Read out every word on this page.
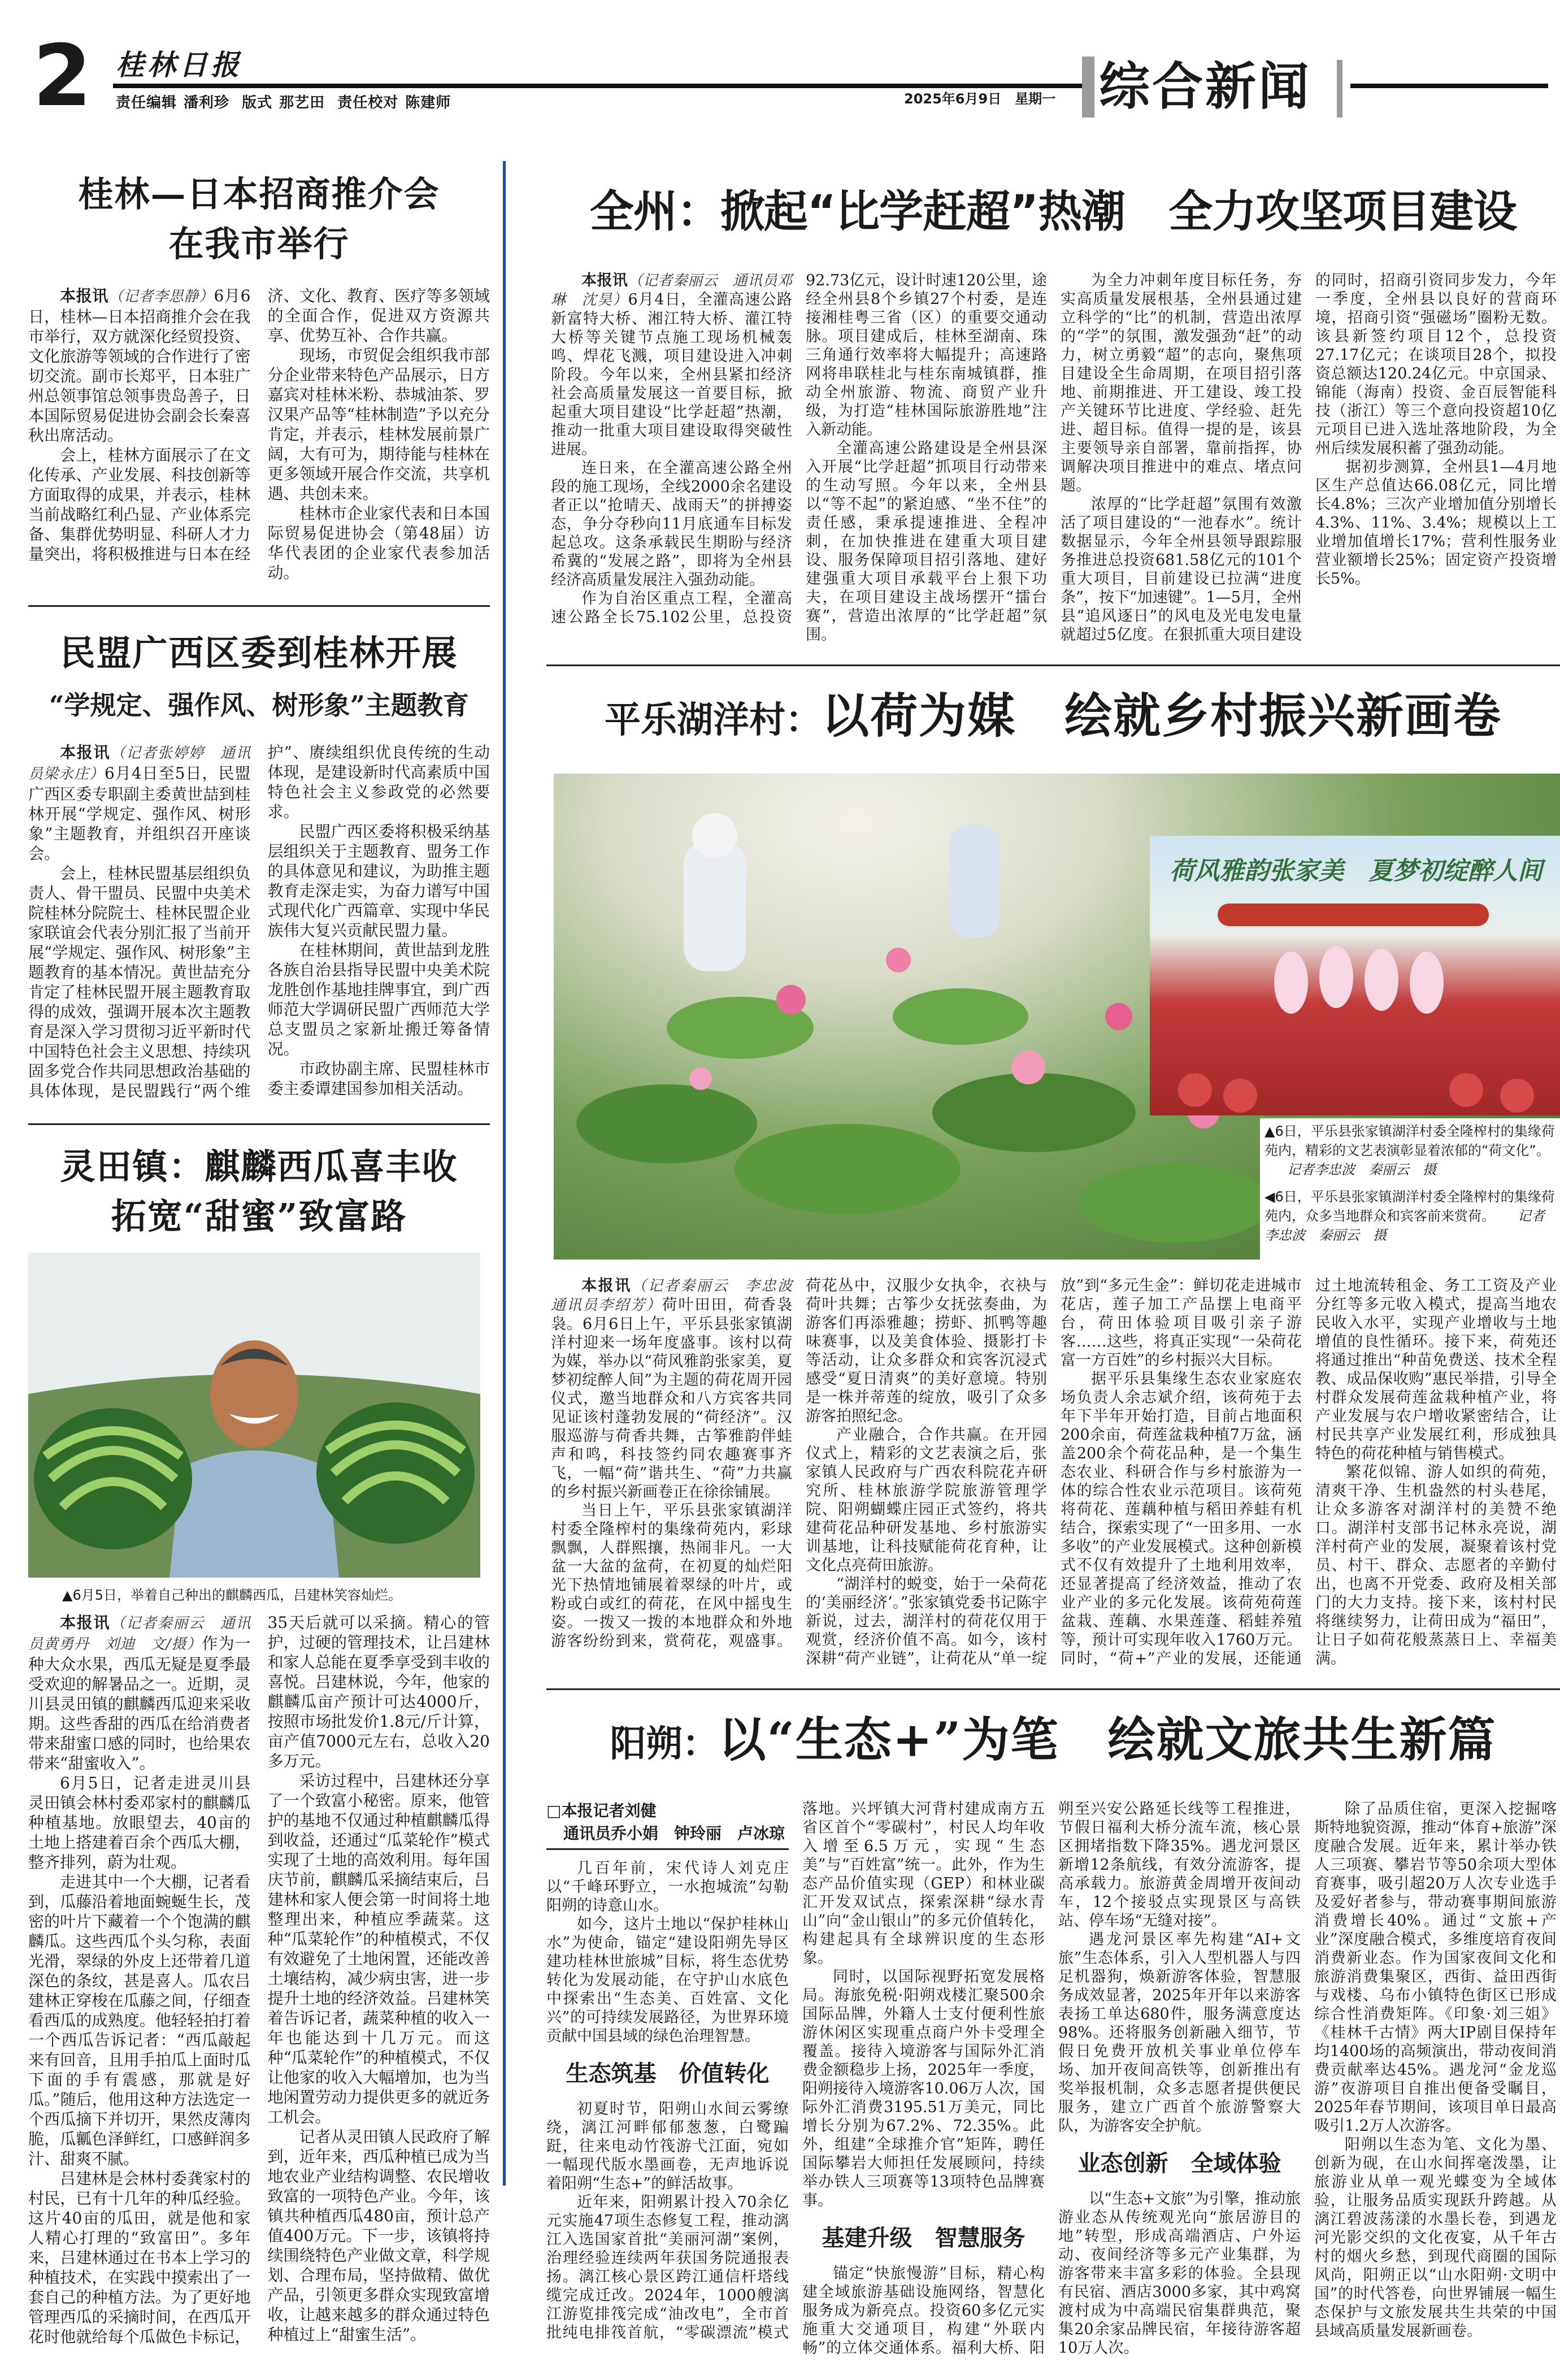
2 桂林日报
责任编辑 潘利珍 版式 那艺田 责任校对 陈建师	2025年6月9日　星期一 综合新闻
桂林—日本招商推介会
在我市举行

本报讯（记者李思静）6月6日，桂林—日本招商推介会在我市举行，双方就深化经贸投资、文化旅游等领域的合作进行了密切交流。副市长郑平，日本驻广州总领事馆总领事贵岛善子，日本国际贸易促进协会副会长秦喜秋出席活动。

会上，桂林方面展示了在文化传承、产业发展、科技创新等方面取得的成果，并表示，桂林当前战略红利凸显、产业体系完备、集群优势明显、科研人才力量突出，将积极推进与日本在经济、文化、教育、医疗等多领域的全面合作，促进双方资源共享、优势互补、合作共赢。

现场，市贸促会组织我市部分企业带来特色产品展示，日方嘉宾对桂林米粉、恭城油茶、罗汉果产品等“桂林制造”予以充分肯定，并表示，桂林发展前景广阔，大有可为，期待能与桂林在更多领域开展合作交流，共享机遇、共创未来。

桂林市企业家代表和日本国际贸易促进协会（第48届）访华代表团的企业家代表参加活动。

民盟广西区委到桂林开展
“学规定、强作风、树形象”主题教育

本报讯（记者张婷婷　通讯员梁永庄）6月4日至5日，民盟广西区委专职副主委黄世喆到桂林开展“学规定、强作风、树形象”主题教育，并组织召开座谈会。

会上，桂林民盟基层组织负责人、骨干盟员、民盟中央美术院桂林分院院士、桂林民盟企业家联谊会代表分别汇报了当前开展“学规定、强作风、树形象”主题教育的基本情况。黄世喆充分肯定了桂林民盟开展主题教育取得的成效，强调开展本次主题教育是深入学习贯彻习近平新时代中国特色社会主义思想、持续巩固多党合作共同思想政治基础的具体体现，是民盟践行“两个维护”、赓续组织优良传统的生动体现，是建设新时代高素质中国特色社会主义参政党的必然要求。

民盟广西区委将积极采纳基层组织关于主题教育、盟务工作的具体意见和建议，为助推主题教育走深走实，为奋力谱写中国式现代化广西篇章、实现中华民族伟大复兴贡献民盟力量。

在桂林期间，黄世喆到龙胜各族自治县指导民盟中央美术院龙胜创作基地挂牌事宜，到广西师范大学调研民盟广西师范大学总支盟员之家新址搬迁筹备情况。

市政协副主席、民盟桂林市委主委谭建国参加相关活动。

灵田镇：麒麟西瓜喜丰收
拓宽“甜蜜”致富路
▲6月5日，举着自己种出的麒麟西瓜，吕建林笑容灿烂。

本报讯（记者秦丽云　通讯员黄勇丹　刘迪　文/摄）作为一种大众水果，西瓜无疑是夏季最受欢迎的解暑品之一。近期，灵川县灵田镇的麒麟西瓜迎来采收期。这些香甜的西瓜在给消费者带来甜蜜口感的同时，也给果农带来“甜蜜收入”。

6月5日，记者走进灵川县灵田镇会林村委邓家村的麒麟瓜种植基地。放眼望去，40亩的土地上搭建着百余个西瓜大棚，整齐排列，蔚为壮观。

走进其中一个大棚，记者看到，瓜藤沿着地面蜿蜒生长，茂密的叶片下藏着一个个饱满的麒麟瓜。这些西瓜个头匀称，表面光滑，翠绿的外皮上还带着几道深色的条纹，甚是喜人。瓜农吕建林正穿梭在瓜藤之间，仔细查看西瓜的成熟度。他轻轻拍打着一个西瓜告诉记者：“西瓜敲起来有回音，且用手拍瓜上面时瓜下面的手有震感，那就是好瓜。”随后，他用这种方法选定一个西瓜摘下并切开，果然皮薄肉脆，瓜瓤色泽鲜红，口感鲜润多汁、甜爽不腻。

吕建林是会林村委龚家村的村民，已有十几年的种瓜经验。这片40亩的瓜田，就是他和家人精心打理的“致富田”。多年来，吕建林通过在书本上学习的种植技术，在实践中摸索出了一套自己的种植方法。为了更好地管理西瓜的采摘时间，在西瓜开花时他就给每个瓜做色卡标记，35天后就可以采摘。精心的管护，过硬的管理技术，让吕建林和家人总能在夏季享受到丰收的喜悦。吕建林说，今年，他家的麒麟瓜亩产预计可达4000斤，按照市场批发价1.8元/斤计算，亩产值7000元左右，总收入20多万元。

采访过程中，吕建林还分享了一个致富小秘密。原来，他管护的基地不仅通过种植麒麟瓜得到收益，还通过“瓜菜轮作”模式实现了土地的高效利用。每年国庆节前，麒麟瓜采摘结束后，吕建林和家人便会第一时间将土地整理出来，种植应季蔬菜。这种“瓜菜轮作”的种植模式，不仅有效避免了土地闲置，还能改善土壤结构，减少病虫害，进一步提升土地的经济效益。吕建林笑着告诉记者，蔬菜种植的收入一年也能达到十几万元。而这种“瓜菜轮作”的种植模式，不仅让他家的收入大幅增加，也为当地闲置劳动力提供更多的就近务工机会。

记者从灵田镇人民政府了解到，近年来，西瓜种植已成为当地农业产业结构调整、农民增收致富的一项特色产业。今年，该镇共种植西瓜480亩，预计总产值400万元。下一步，该镇将持续围绕特色产业做文章，科学规划、合理布局，坚持做精、做优产品，引领更多群众实现致富增收，让越来越多的群众通过特色种植过上“甜蜜生活”。

全州：掀起“比学赶超”热潮　全力攻坚项目建设

本报讯（记者秦丽云　通讯员邓琳　沈昊）6月4日，全灌高速公路新富特大桥、湘江特大桥、灌江特大桥等关键节点施工现场机械轰鸣、焊花飞溅，项目建设进入冲刺阶段。今年以来，全州县紧扣经济社会高质量发展这一首要目标，掀起重大项目建设“比学赶超”热潮，推动一批重大项目建设取得突破性进展。

连日来，在全灌高速公路全州段的施工现场，全线2000余名建设者正以“抢晴天、战雨天”的拼搏姿态，争分夺秒向11月底通车目标发起总攻。这条承载民生期盼与经济希冀的“发展之路”，即将为全州县经济高质量发展注入强劲动能。

作为自治区重点工程，全灌高速公路全长75.102公里，总投资92.73亿元，设计时速120公里，途经全州县8个乡镇27个村委，是连接湘桂粤三省（区）的重要交通动脉。项目建成后，桂林至湖南、珠三角通行效率将大幅提升；高速路网将串联桂北与桂东南城镇群，推动全州旅游、物流、商贸产业升级，为打造“桂林国际旅游胜地”注入新动能。

全灌高速公路建设是全州县深入开展“比学赶超”抓项目行动带来的生动写照。今年以来，全州县以“等不起”的紧迫感、“坐不住”的责任感，秉承提速推进、全程冲刺，在加快推进在建重大项目建设、服务保障项目招引落地、建好建强重大项目承载平台上狠下功夫，在项目建设主战场摆开“擂台赛”，营造出浓厚的“比学赶超”氛围。

为全力冲刺年度目标任务，夯实高质量发展根基，全州县通过建立科学的“比”的机制，营造出浓厚的“学”的氛围，激发强劲“赶”的动力，树立勇毅“超”的志向，聚焦项目建设全生命周期，在项目招引落地、前期推进、开工建设、竣工投产关键环节比进度、学经验、赶先进、超目标。值得一提的是，该县主要领导亲自部署，靠前指挥，协调解决项目推进中的难点、堵点问题。

浓厚的“比学赶超”氛围有效激活了项目建设的“一池春水”。统计数据显示，今年全州县领导跟踪服务推进总投资681.58亿元的101个重大项目，目前建设已拉满“进度条”，按下“加速键”。1—5月，全州县“追风逐日”的风电及光电发电量就超过5亿度。在狠抓重大项目建设的同时，招商引资同步发力，今年一季度，全州县以良好的营商环境，招商引资“强磁场”圈粉无数。该县新签约项目12个，总投资27.17亿元；在谈项目28个，拟投资总额达120.24亿元。中京国录、锦能（海南）投资、金百辰智能科技（浙江）等三个意向投资超10亿元项目已进入选址落地阶段，为全州后续发展积蓄了强劲动能。

据初步测算，全州县1—4月地区生产总值达66.08亿元，同比增长4.8%；三次产业增加值分别增长4.3%、11%、3.4%；规模以上工业增加值增长17%；营利性服务业营业额增长25%；固定资产投资增长5%。

平乐湖洋村：以荷为媒　绘就乡村振兴新画卷
荷风雅韵张家美　夏梦初绽醉人间
▲6日，平乐县张家镇湖洋村委全隆榨村的集缘荷苑内，精彩的文艺表演彰显着浓郁的“荷文化”。记者李忠波　秦丽云　摄
◀6日，平乐县张家镇湖洋村委全隆榨村的集缘荷苑内，众多当地群众和宾客前来赏荷。 记者李忠波　秦丽云　摄

本报讯（记者秦丽云　李忠波　通讯员李绍芳）荷叶田田，荷香袅袅。6月6日上午，平乐县张家镇湖洋村迎来一场年度盛事。该村以荷为媒，举办以“荷风雅韵张家美，夏梦初绽醉人间”为主题的荷花周开园仪式，邀当地群众和八方宾客共同见证该村蓬勃发展的“荷经济”。汉服巡游与荷香共舞，古筝雅韵伴蛙声和鸣，科技签约同农趣赛事齐飞，一幅“荷”谐共生、“荷”力共赢的乡村振兴新画卷正在徐徐铺展。

当日上午，平乐县张家镇湖洋村委全隆榨村的集缘荷苑内，彩球飘飘，人群熙攘，热闹非凡。一大盆一大盆的盆荷，在初夏的灿烂阳光下热情地铺展着翠绿的叶片，或粉或白或红的荷花，在风中摇曳生姿。一拨又一拨的本地群众和外地游客纷纷到来，赏荷花，观盛事。荷花丛中，汉服少女执伞，衣袂与荷叶共舞；古筝少女抚弦奏曲，为游客们再添雅趣；捞虾、抓鸭等趣味赛事，以及美食体验、摄影打卡等活动，让众多群众和宾客沉浸式感受“夏日清爽”的美好意境。特别是一株并蒂莲的绽放，吸引了众多游客拍照纪念。

产业融合，合作共赢。在开园仪式上，精彩的文艺表演之后，张家镇人民政府与广西农科院花卉研究所、桂林旅游学院旅游管理学院、阳朔蝴蝶庄园正式签约，将共建荷花品种研发基地、乡村旅游实训基地，让科技赋能荷花育种，让文化点亮荷田旅游。

“湖洋村的蜕变，始于一朵荷花的‘美丽经济’。”张家镇党委书记陈宇新说，过去，湖洋村的荷花仅用于观赏，经济价值不高。如今，该村深耕“荷产业链”，让荷花从“单一绽放”到“多元生金”：鲜切花走进城市花店，莲子加工产品摆上电商平台，荷田体验项目吸引亲子游客……这些，将真正实现“一朵荷花富一方百姓”的乡村振兴大目标。

据平乐县集缘生态农业家庭农场负责人余志斌介绍，该荷苑于去年下半年开始打造，目前占地面积200余亩，荷莲盆栽种植7万盆，涵盖200余个荷花品种，是一个集生态农业、科研合作与乡村旅游为一体的综合性农业示范项目。该荷苑将荷花、莲藕种植与稻田养蛙有机结合，探索实现了“一田多用、一水多收”的产业发展模式。这种创新模式不仅有效提升了土地利用效率，还显著提高了经济效益，推动了农业产业的多元化发展。该荷苑荷莲盆栽、莲藕、水果莲蓬、稻蛙养殖等，预计可实现年收入1760万元。同时，“荷+”产业的发展，还能通过土地流转租金、务工工资及产业分红等多元收入模式，提高当地农民收入水平，实现产业增收与土地增值的良性循环。接下来，荷苑还将通过推出“种苗免费送、技术全程教、成品保收购”惠民举措，引导全村群众发展荷莲盆栽种植产业，将产业发展与农户增收紧密结合，让村民共享产业发展红利，形成独具特色的荷花种植与销售模式。

繁花似锦、游人如织的荷苑，清爽干净、生机盎然的村头巷尾，让众多游客对湖洋村的美赞不绝口。湖洋村支部书记林永亮说，湖洋村荷产业的发展，凝聚着该村党员、村干、群众、志愿者的辛勤付出，也离不开党委、政府及相关部门的大力支持。接下来，该村村民将继续努力，让荷田成为“福田”，让日子如荷花般蒸蒸日上、幸福美满。

阳朔：以“生态+”为笔　绘就文旅共生新篇

□本报记者刘健

通讯员乔小娟　钟玲丽　卢冰琼

几百年前，宋代诗人刘克庄以“千峰环野立，一水抱城流”勾勒阳朔的诗意山水。

如今，这片土地以“保护桂林山水”为使命，锚定“建设阳朔先导区　建功桂林世旅城”目标，将生态优势转化为发展动能，在守护山水底色中探索出“生态美、百姓富、文化兴”的可持续发展路径，为世界环境贡献中国县域的绿色治理智慧。

生态筑基　价值转化

初夏时节，阳朔山水间云雾缭绕，漓江河畔郁郁葱葱，白鹭蹁跹，往来电动竹筏游弋江面，宛如一幅现代版水墨画卷，无声地诉说着阳朔“生态+”的鲜活故事。

近年来，阳朔累计投入70余亿元实施47项生态修复工程，推动漓江入选国家首批“美丽河湖”案例，治理经验连续两年获国务院通报表扬。漓江核心景区跨江通信杆塔线缆完成迁改。2024年，1000艘漓江游览排筏完成“油改电”，全市首批纯电排筏首航，“零碳漂流”模式落地。兴坪镇大河背村建成南方五省区首个“零碳村”，村民人均年收入增至6.5万元，实现“生态美”与“百姓富”统一。此外，作为生态产品价值实现（GEP）和林业碳汇开发双试点，探索深耕“绿水青山”向“金山银山”的多元价值转化，构建起具有全球辨识度的生态形象。

同时，以国际视野拓宽发展格局。海旅免税·阳朔戏楼汇聚500余国际品牌，外籍人士支付便利性旅游休闲区实现重点商户外卡受理全覆盖。接待入境游客与国际外汇消费金额稳步上扬，2025年一季度，阳朔接待入境游客10.06万人次，国际外汇消费3195.51万美元，同比增长分别为67.2%、72.35%。此外，组建“全球推介官”矩阵，聘任国际攀岩大师担任发展顾问，持续举办铁人三项赛等13项特色品牌赛事。

基建升级　智慧服务

锚定“快旅慢游”目标，精心构建全域旅游基础设施网络，智慧化服务成为新亮点。投资60多亿元实施重大交通项目，构建“外联内畅”的立体交通体系。福利大桥、阳朔至兴安公路延长线等工程推进，节假日福利大桥分流车流，核心景区拥堵指数下降35%。遇龙河景区新增12条航线，有效分流游客，提高承载力。旅游黄金周增开夜间动车，12个接驳点实现景区与高铁站、停车场“无缝对接”。

遇龙河景区率先构建“AI+文旅”生态体系，引入人型机器人与四足机器狗，焕新游客体验，智慧服务成效显著，2025年开年以来游客表扬工单达680件，服务满意度达98%。还将服务创新融入细节，节假日免费开放机关事业单位停车场、加开夜间高铁等，创新推出有奖举报机制，众多志愿者提供便民服务，建立广西首个旅游警察大队，为游客安全护航。

业态创新　全域体验

以“生态+文旅”为引擎，推动旅游业态从传统观光向“旅居游目的地”转型，形成高端酒店、户外运动、夜间经济等多元产业集群，为游客带来丰富多彩的体验。全县现有民宿、酒店3000多家，其中鸡窝渡村成为中高端民宿集群典范，聚集20余家品牌民宿，年接待游客超10万人次。

除了品质住宿，更深入挖掘喀斯特地貌资源，推动“体育+旅游”深度融合发展。近年来，累计举办铁人三项赛、攀岩节等50余项大型体育赛事，吸引超20万人次专业选手及爱好者参与，带动赛事期间旅游消费增长40%。通过“文旅+产业”深度融合模式，多维度培育夜间消费新业态。作为国家夜间文化和旅游消费集聚区，西街、益田西街与戏楼、乌布小镇特色街区已形成综合性消费矩阵。《印象·刘三姐》《桂林千古情》两大IP剧目保持年均1400场的高频演出，带动夜间消费贡献率达45%。遇龙河“金龙巡游”夜游项目自推出便备受瞩目，2025年春节期间，该项目单日最高吸引1.2万人次游客。

阳朔以生态为笔、文化为墨、创新为砚，在山水间挥毫泼墨，让旅游业从单一观光蝶变为全域体验，让服务品质实现跃升跨越。从漓江碧波荡漾的水墨长卷，到遇龙河光影交织的文化夜宴，从千年古村的烟火乡愁，到现代商圈的国际风尚，阳朔正以“山水阳朔·文明中国”的时代答卷，向世界铺展一幅生态保护与文旅发展共生共荣的中国县域高质量发展新画卷。
